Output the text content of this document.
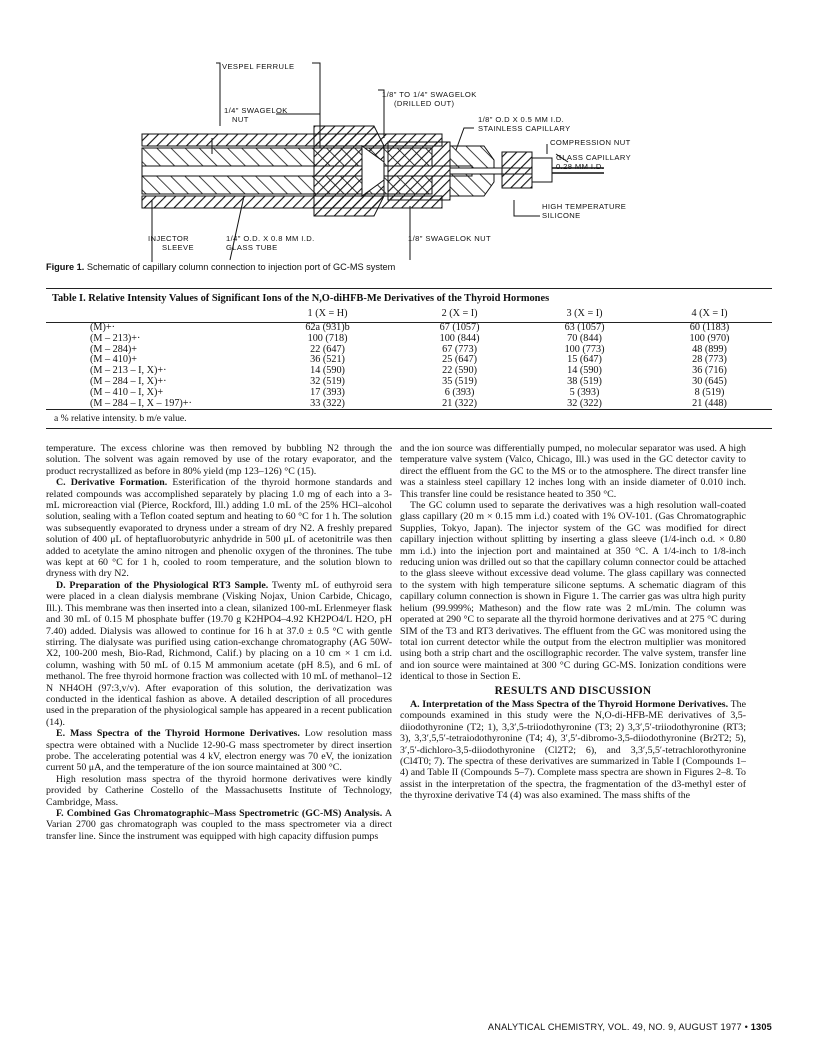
VESPEL FERRULE
1/4" SWAGELOK
NUT
1/8" TO 1/4" SWAGELOK
(DRILLED OUT)
1/8" O.D X 0.5 MM I.D.
STAINLESS CAPILLARY
COMPRESSION NUT
GLASS CAPILLARY
0.28 MM I.D.
HIGH TEMPERATURE
SILICONE
INJECTOR
SLEEVE
1/4" O.D. X 0.8 MM I.D.
GLASS TUBE
1/8" SWAGELOK NUT
Figure 1. Schematic of capillary column connection to injection port of GC-MS system
Table I. Relative Intensity Values of Significant Ions of the N,O-diHFB-Me Derivatives of the Thyroid Hormones
	1 (X = H)	2 (X = I)	3 (X = I)	4 (X = I)
(M)+·	62a (931)b	67 (1057)	63 (1057)	60 (1183)
(M – 213)+·	100 (718)	100 (844)	70 (844)	100 (970)
(M – 284)+	22 (647)	67 (773)	100 (773)	48 (899)
(M – 410)+	36 (521)	25 (647)	15 (647)	28 (773)
(M – 213 – I, X)+·	14 (590)	22 (590)	14 (590)	36 (716)
(M – 284 – I, X)+·	32 (519)	35 (519)	38 (519)	30 (645)
(M – 410 – I, X)+	17 (393)	6 (393)	5 (393)	8 (519)
(M – 284 – I, X – 197)+·	33 (322)	21 (322)	32 (322)	21 (448)
a % relative intensity. b m/e value.

temperature. The excess chlorine was then removed by bubbling N2 through the solution. The solvent was again removed by use of the rotary evaporator, and the product recrystallized as before in 80% yield (mp 123–126) °C (15).

C. Derivative Formation. Esterification of the thyroid hormone standards and related compounds was accomplished separately by placing 1.0 mg of each into a 3-mL microreaction vial (Pierce, Rockford, Ill.) adding 1.0 mL of the 25% HCl–alcohol solution, sealing with a Teflon coated septum and heating to 60 °C for 1 h. The solution was subsequently evaporated to dryness under a stream of dry N2. A freshly prepared solution of 400 μL of heptafluorobutyric anhydride in 500 μL of acetonitrile was then added to acetylate the amino nitrogen and phenolic oxygen of the thronines. The tube was kept at 60 °C for 1 h, cooled to room temperature, and the solution blown to dryness with dry N2.

D. Preparation of the Physiological RT3 Sample. Twenty mL of euthyroid sera were placed in a clean dialysis membrane (Visking Nojax, Union Carbide, Chicago, Ill.). This membrane was then inserted into a clean, silanized 100-mL Erlenmeyer flask and 30 mL of 0.15 M phosphate buffer (19.70 g K2HPO4–4.92 KH2PO4/L H2O, pH 7.40) added. Dialysis was allowed to continue for 16 h at 37.0 ± 0.5 °C with gentle stirring. The dialysate was purified using cation-exchange chromatography (AG 50W-X2, 100-200 mesh, Bio-Rad, Richmond, Calif.) by placing on a 10 cm × 1 cm i.d. column, washing with 50 mL of 0.15 M ammonium acetate (pH 8.5), and 6 mL of methanol. The free thyroid hormone fraction was collected with 10 mL of methanol–12 N NH4OH (97:3,v/v). After evaporation of this solution, the derivatization was conducted in the identical fashion as above. A detailed description of all procedures used in the preparation of the physiological sample has appeared in a recent publication (14).

E. Mass Spectra of the Thyroid Hormone Derivatives. Low resolution mass spectra were obtained with a Nuclide 12-90-G mass spectrometer by direct insertion probe. The accelerating potential was 4 kV, electron energy was 70 eV, the ionization current 50 μA, and the temperature of the ion source maintained at 300 °C.

High resolution mass spectra of the thyroid hormone derivatives were kindly provided by Catherine Costello of the Massachusetts Institute of Technology, Cambridge, Mass.

F. Combined Gas Chromatographic–Mass Spectrometric (GC-MS) Analysis. A Varian 2700 gas chromatograph was coupled to the mass spectrometer via a direct transfer line. Since the instrument was equipped with high capacity diffusion pumps

and the ion source was differentially pumped, no molecular separator was used. A high temperature valve system (Valco, Chicago, Ill.) was used in the GC detector cavity to direct the effluent from the GC to the MS or to the atmosphere. The direct transfer line was a stainless steel capillary 12 inches long with an inside diameter of 0.010 inch. This transfer line could be resistance heated to 350 °C.

The GC column used to separate the derivatives was a high resolution wall-coated glass capillary (20 m × 0.15 mm i.d.) coated with 1% OV-101. (Gas Chromatographic Supplies, Tokyo, Japan). The injector system of the GC was modified for direct capillary injection without splitting by inserting a glass sleeve (1/4-inch o.d. × 0.80 mm i.d.) into the injection port and maintained at 350 °C. A 1/4-inch to 1/8-inch reducing union was drilled out so that the capillary column connector could be attached to the glass sleeve without excessive dead volume. The glass capillary was connected to the system with high temperature silicone septums. A schematic diagram of this capillary column connection is shown in Figure 1. The carrier gas was ultra high purity helium (99.999%; Matheson) and the flow rate was 2 mL/min. The column was operated at 290 °C to separate all the thyroid hormone derivatives and at 275 °C during SIM of the T3 and RT3 derivatives. The effluent from the GC was monitored using the total ion current detector while the output from the electron multiplier was monitored using both a strip chart and the oscillographic recorder. The valve system, transfer line and ion source were maintained at 300 °C during GC-MS. Ionization conditions were identical to those in Section E.

RESULTS AND DISCUSSION

A. Interpretation of the Mass Spectra of the Thyroid Hormone Derivatives. The compounds examined in this study were the N,O-di-HFB-ME derivatives of 3,5-diiodothyronine (T2; 1), 3,3′,5-triiodothyronine (T3; 2) 3,3′,5′-triiodothyronine (RT3; 3), 3,3′,5,5′-tetraiodothyronine (T4; 4), 3′,5′-dibromo-3,5-diiodothyronine (Br2T2; 5), 3′,5′-dichloro-3,5-diiodothyronine (Cl2T2; 6), and 3,3′,5,5′-tetrachlorothyronine (Cl4T0; 7). The spectra of these derivatives are summarized in Table I (Compounds 1–4) and Table II (Compounds 5–7). Complete mass spectra are shown in Figures 2–8. To assist in the interpretation of the spectra, the fragmentation of the d3-methyl ester of the thyroxine derivative T4 (4) was also examined. The mass shifts of the

ANALYTICAL CHEMISTRY, VOL. 49, NO. 9, AUGUST 1977 • 1305
